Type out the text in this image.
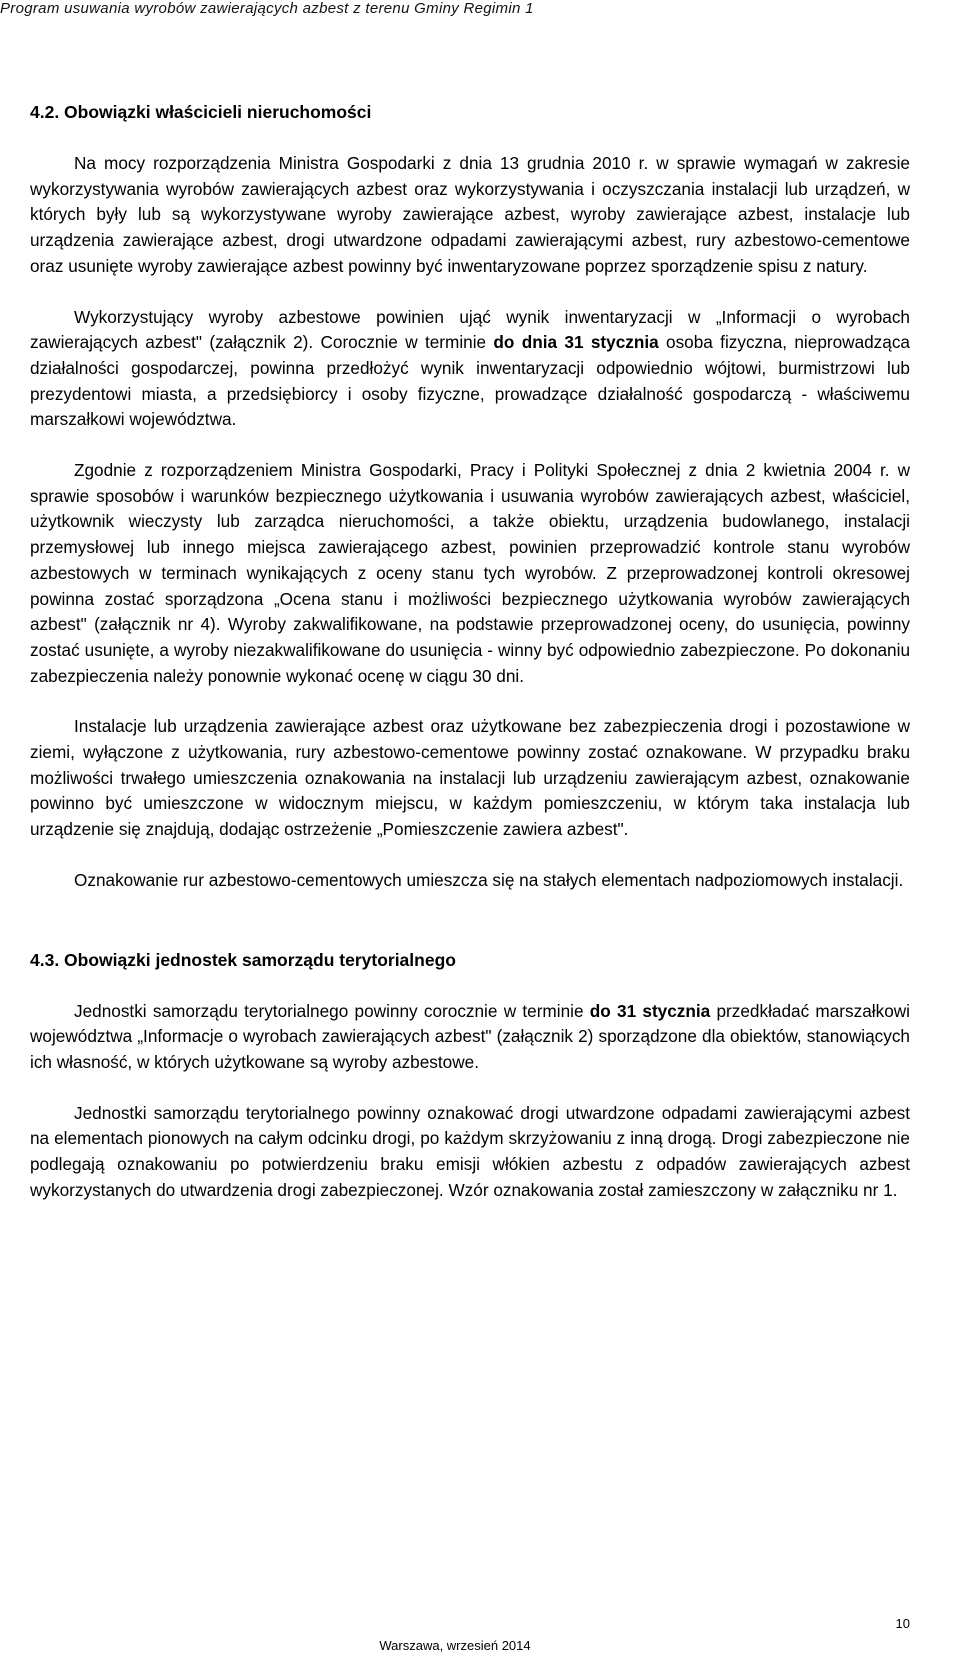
Program usuwania wyrobów zawierających azbest z terenu Gminy Regimin 1
4.2. Obowiązki właścicieli nieruchomości

Na mocy rozporządzenia Ministra Gospodarki z dnia 13 grudnia 2010 r. w sprawie wymagań w zakresie wykorzystywania wyrobów zawierających azbest oraz wykorzystywania i oczyszczania instalacji lub urządzeń, w których były lub są wykorzystywane wyroby zawierające azbest, wyroby zawierające azbest, instalacje lub urządzenia zawierające azbest, drogi utwardzone odpadami zawierającymi azbest, rury azbestowo-cementowe oraz usunięte wyroby zawierające azbest powinny być inwentaryzowane poprzez sporządzenie spisu z natury.

Wykorzystujący wyroby azbestowe powinien ująć wynik inwentaryzacji w „Informacji o wyrobach zawierających azbest" (załącznik 2). Corocznie w terminie do dnia 31 stycznia osoba fizyczna, nieprowadząca działalności gospodarczej, powinna przedłożyć wynik inwentaryzacji odpowiednio wójtowi, burmistrzowi lub prezydentowi miasta, a przedsiębiorcy i osoby fizyczne, prowadzące działalność gospodarczą - właściwemu marszałkowi województwa.

Zgodnie z rozporządzeniem Ministra Gospodarki, Pracy i Polityki Społecznej z dnia 2 kwietnia 2004 r. w sprawie sposobów i warunków bezpiecznego użytkowania i usuwania wyrobów zawierających azbest, właściciel, użytkownik wieczysty lub zarządca nieruchomości, a także obiektu, urządzenia budowlanego, instalacji przemysłowej lub innego miejsca zawierającego azbest, powinien przeprowadzić kontrole stanu wyrobów azbestowych w terminach wynikających z oceny stanu tych wyrobów. Z przeprowadzonej kontroli okresowej powinna zostać sporządzona „Ocena stanu i możliwości bezpiecznego użytkowania wyrobów zawierających azbest" (załącznik nr 4). Wyroby zakwalifikowane, na podstawie przeprowadzonej oceny, do usunięcia, powinny zostać usunięte, a wyroby niezakwalifikowane do usunięcia - winny być odpowiednio zabezpieczone. Po dokonaniu zabezpieczenia należy ponownie wykonać ocenę w ciągu 30 dni.

Instalacje lub urządzenia zawierające azbest oraz użytkowane bez zabezpieczenia drogi i pozostawione w ziemi, wyłączone z użytkowania, rury azbestowo-cementowe powinny zostać oznakowane. W przypadku braku możliwości trwałego umieszczenia oznakowania na instalacji lub urządzeniu zawierającym azbest, oznakowanie powinno być umieszczone w widocznym miejscu, w każdym pomieszczeniu, w którym taka instalacja lub urządzenie się znajdują, dodając ostrzeżenie „Pomieszczenie zawiera azbest".

Oznakowanie rur azbestowo-cementowych umieszcza się na stałych elementach nadpoziomowych instalacji.

4.3. Obowiązki jednostek samorządu terytorialnego

Jednostki samorządu terytorialnego powinny corocznie w terminie do 31 stycznia przedkładać marszałkowi województwa „Informacje o wyrobach zawierających azbest" (załącznik 2) sporządzone dla obiektów, stanowiących ich własność, w których użytkowane są wyroby azbestowe.

Jednostki samorządu terytorialnego powinny oznakować drogi utwardzone odpadami zawierającymi azbest na elementach pionowych na całym odcinku drogi, po każdym skrzyżowaniu z inną drogą. Drogi zabezpieczone nie podlegają oznakowaniu po potwierdzeniu braku emisji włókien azbestu z odpadów zawierających azbest wykorzystanych do utwardzenia drogi zabezpieczonej. Wzór oznakowania został zamieszczony w załączniku nr 1.

10
Warszawa, wrzesień 2014
